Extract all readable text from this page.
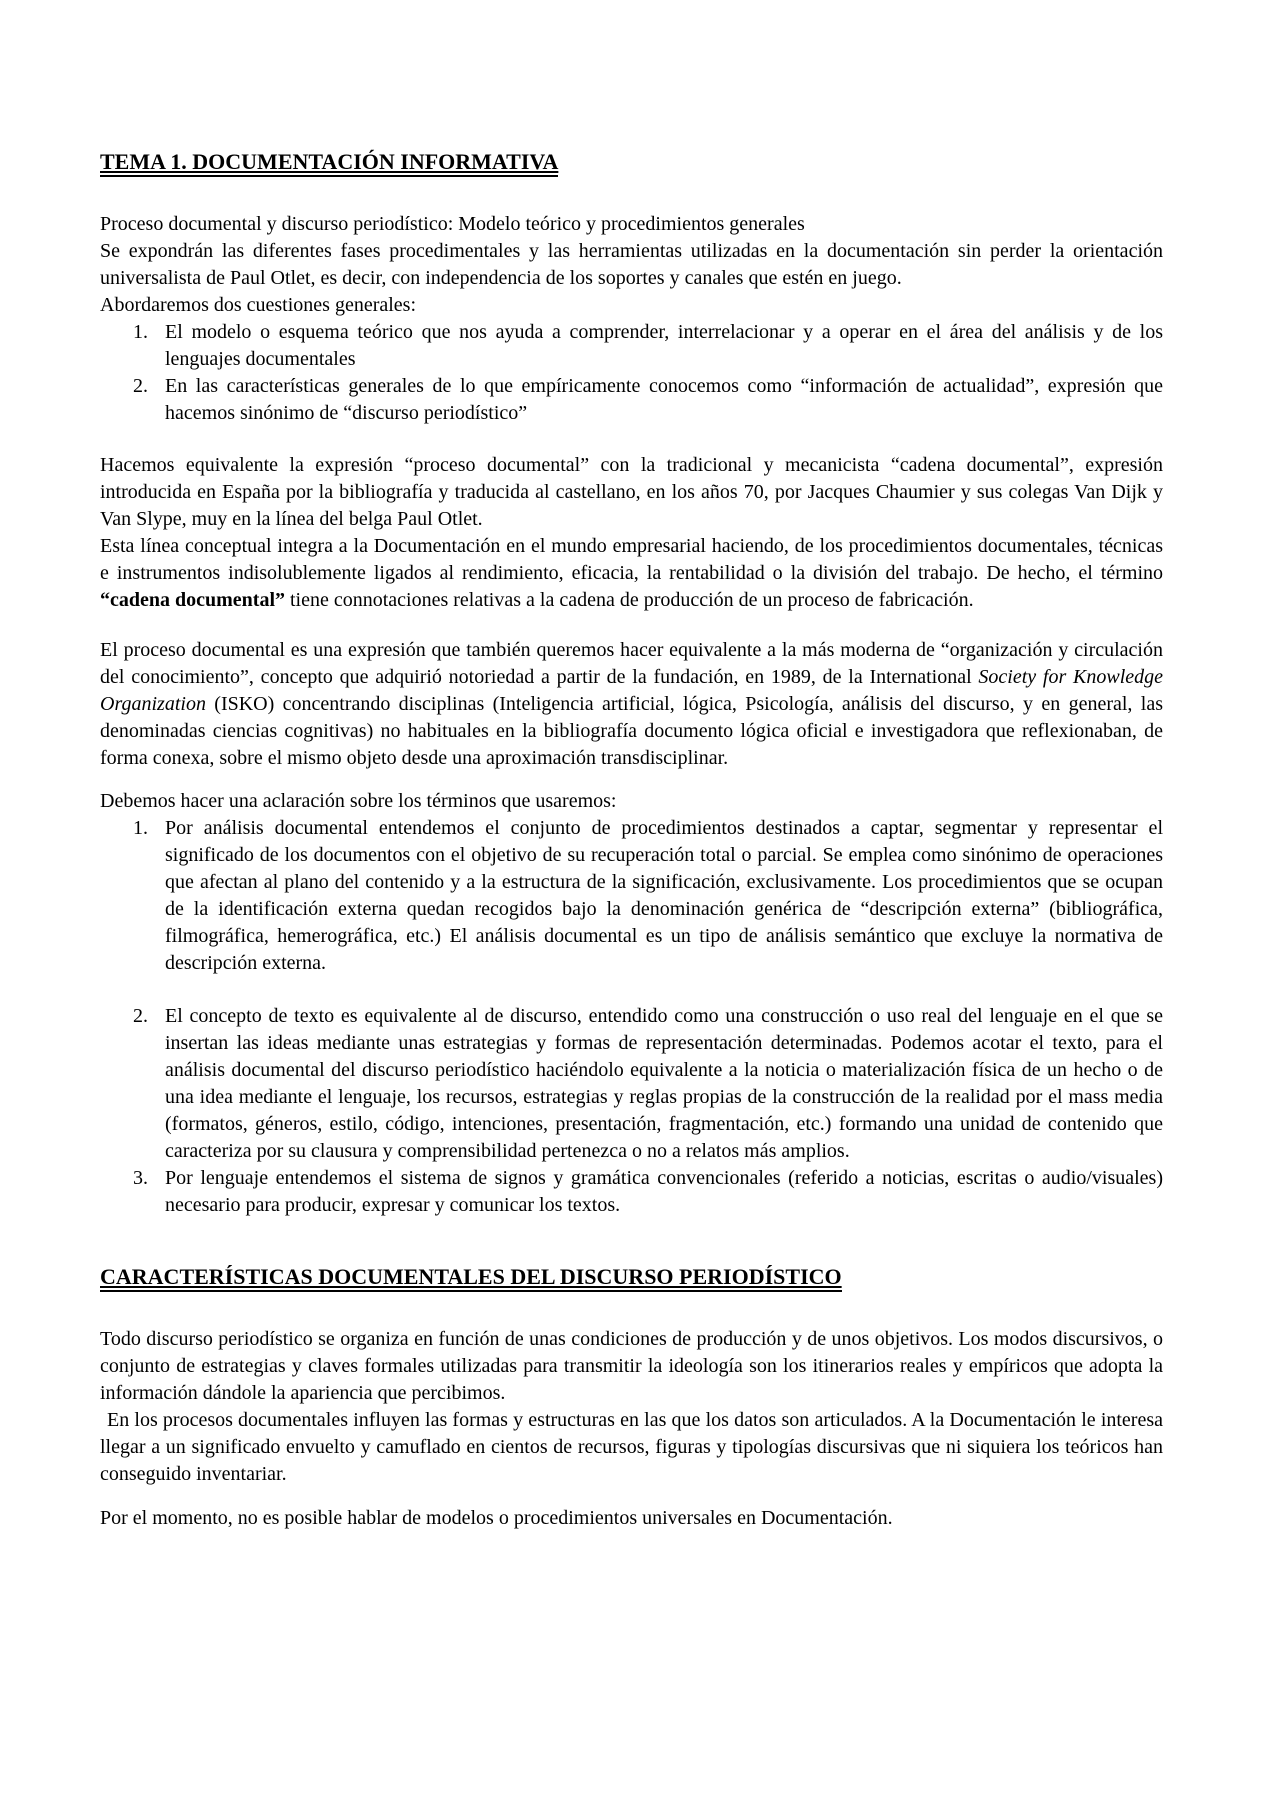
TEMA 1. DOCUMENTACIÓN INFORMATIVA
Proceso documental y discurso periodístico: Modelo teórico y procedimientos generales
Se expondrán las diferentes fases procedimentales y las herramientas utilizadas en la documentación sin perder la orientación universalista de Paul Otlet, es decir, con independencia de los soportes y canales que estén en juego.
Abordaremos dos cuestiones generales:
1. El modelo o esquema teórico que nos ayuda a comprender, interrelacionar y a operar en el área del análisis y de los lenguajes documentales
2. En las características generales de lo que empíricamente conocemos como “información de actualidad”, expresión que hacemos sinónimo de “discurso periodístico”
Hacemos equivalente la expresión “proceso documental” con la tradicional y mecanicista “cadena documental”, expresión introducida en España por la bibliografía y traducida al castellano, en los años 70, por Jacques Chaumier y sus colegas Van Dijk y Van Slype, muy en la línea del belga Paul Otlet.
Esta línea conceptual integra a la Documentación en el mundo empresarial haciendo, de los procedimientos documentales, técnicas e instrumentos indisolublemente ligados al rendimiento, eficacia, la rentabilidad o la división del trabajo. De hecho, el término “cadena documental” tiene connotaciones relativas a la cadena de producción de un proceso de fabricación.
El proceso documental es una expresión que también queremos hacer equivalente a la más moderna de “organización y circulación del conocimiento”, concepto que adquirió notoriedad a partir de la fundación, en 1989, de la International Society for Knowledge Organization (ISKO) concentrando disciplinas (Inteligencia artificial, lógica, Psicología, análisis del discurso, y en general, las denominadas ciencias cognitivas) no habituales en la bibliografía documento lógica oficial e investigadora que reflexionaban, de forma conexa, sobre el mismo objeto desde una aproximación transdisciplinar.
Debemos hacer una aclaración sobre los términos que usaremos:
1. Por análisis documental entendemos el conjunto de procedimientos destinados a captar, segmentar y representar el significado de los documentos con el objetivo de su recuperación total o parcial. Se emplea como sinónimo de operaciones que afectan al plano del contenido y a la estructura de la significación, exclusivamente. Los procedimientos que se ocupan de la identificación externa quedan recogidos bajo la denominación genérica de “descripción externa” (bibliográfica, filmográfica, hemerográfica, etc.) El análisis documental es un tipo de análisis semántico que excluye la normativa de descripción externa.
2. El concepto de texto es equivalente al de discurso, entendido como una construcción o uso real del lenguaje en el que se insertan las ideas mediante unas estrategias y formas de representación determinadas. Podemos acotar el texto, para el análisis documental del discurso periodístico haciéndolo equivalente a la noticia o materialización física de un hecho o de una idea mediante el lenguaje, los recursos, estrategias y reglas propias de la construcción de la realidad por el mass media (formatos, géneros, estilo, código, intenciones, presentación, fragmentación, etc.) formando una unidad de contenido que caracteriza por su clausura y comprensibilidad pertenezca o no a relatos más amplios.
3. Por lenguaje entendemos el sistema de signos y gramática convencionales (referido a noticias, escritas o audio/visuales) necesario para producir, expresar y comunicar los textos.
CARACTERÍSTICAS DOCUMENTALES DEL DISCURSO PERIODÍSTICO
Todo discurso periodístico se organiza en función de unas condiciones de producción y de unos objetivos. Los modos discursivos, o conjunto de estrategias y claves formales utilizadas para transmitir la ideología son los itinerarios reales y empíricos que adopta la información dándole la apariencia que percibimos.
En los procesos documentales influyen las formas y estructuras en las que los datos son articulados. A la Documentación le interesa llegar a un significado envuelto y camuflado en cientos de recursos, figuras y tipologías discursivas que ni siquiera los teóricos han conseguido inventariar.
Por el momento, no es posible hablar de modelos o procedimientos universales en Documentación.
